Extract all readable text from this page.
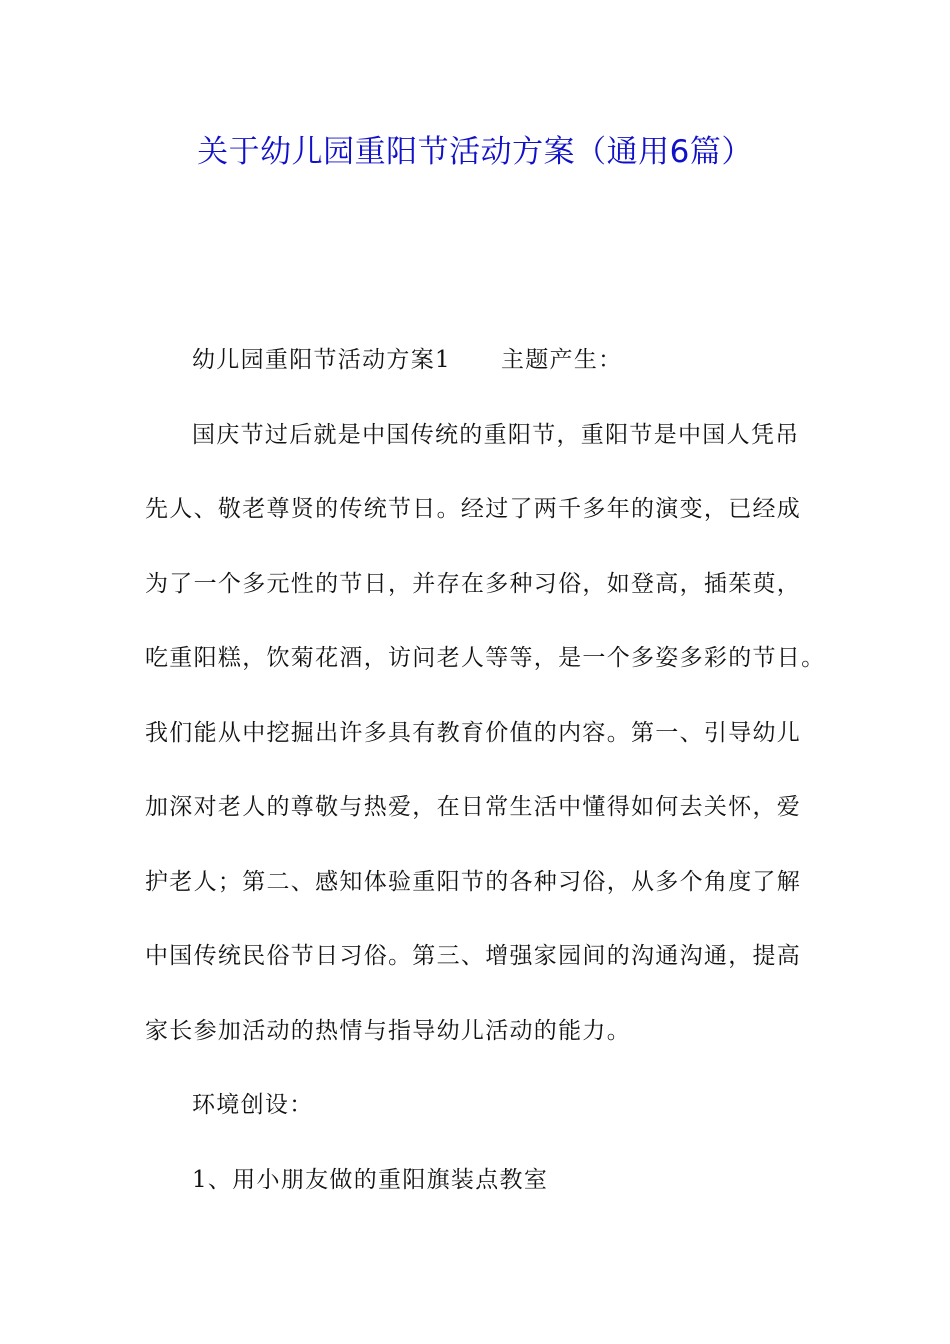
关于幼儿园重阳节活动方案（通用6篇）
幼儿园重阳节活动方案1 主题产生：
国庆节过后就是中国传统的重阳节，重阳节是中国人凭吊
先人、敬老尊贤的传统节日。经过了两千多年的演变，已经成
为了一个多元性的节日，并存在多种习俗，如登高，插茱萸，
吃重阳糕，饮菊花酒，访问老人等等，是一个多姿多彩的节日。
我们能从中挖掘出许多具有教育价值的内容。第一、引导幼儿
加深对老人的尊敬与热爱，在日常生活中懂得如何去关怀，爱
护老人；第二、感知体验重阳节的各种习俗，从多个角度了解
中国传统民俗节日习俗。第三、增强家园间的沟通沟通，提高
家长参加活动的热情与指导幼儿活动的能力。
环境创设：
1、用小朋友做的重阳旗装点教室
